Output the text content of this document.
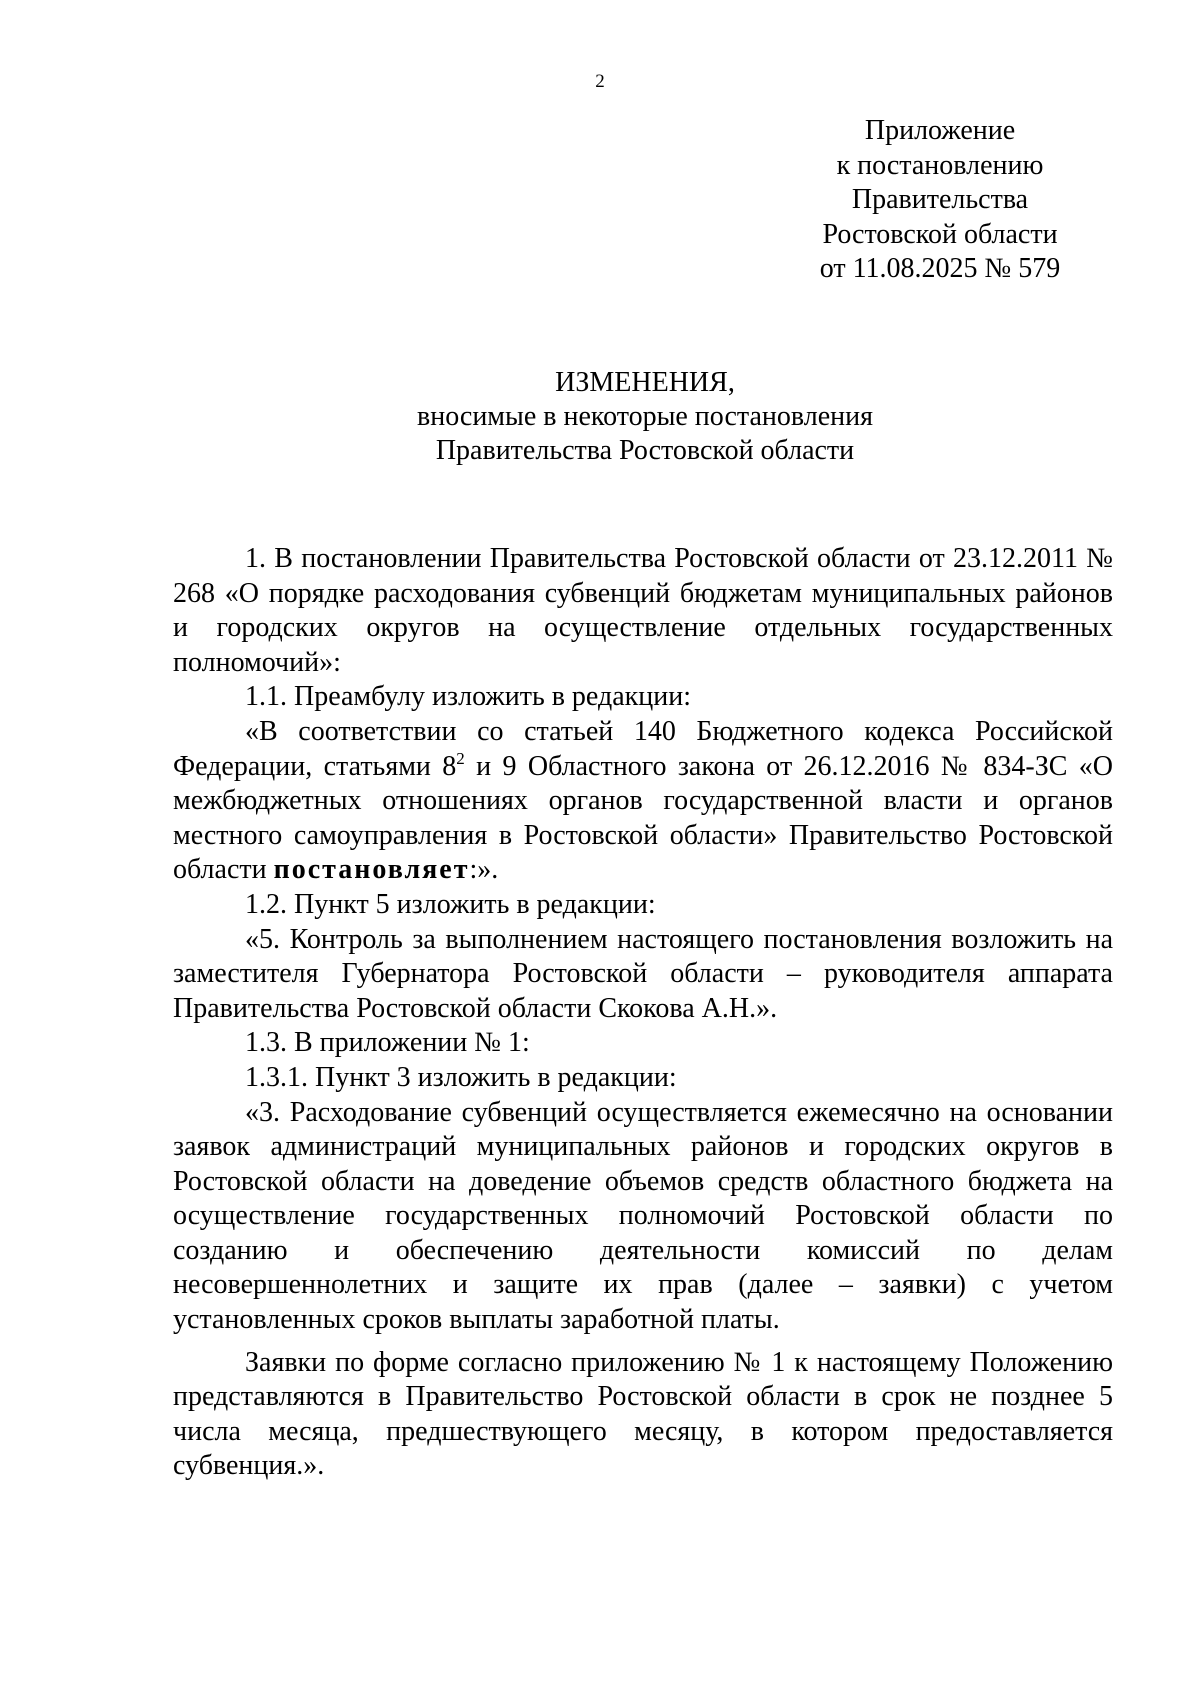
2
Приложение
к постановлению
Правительства
Ростовской области
от 11.08.2025 № 579
ИЗМЕНЕНИЯ,
вносимые в некоторые постановления
Правительства Ростовской области

1. В постановлении Правительства Ростовской области от 23.12.2011 № 268 «О порядке расходования субвенций бюджетам муниципальных районов и городских округов на осуществление отдельных государственных полномочий»:

1.1. Преамбулу изложить в редакции:

«В соответствии со статьей 140 Бюджетного кодекса Российской Федерации, статьями $8^2$ и 9 Областного закона от 26.12.2016 № 834-ЗС «О межбюджетных отношениях органов государственной власти и органов местного самоуправления в Ростовской области» Правительство Ростовской области постановляет:».

1.2. Пункт 5 изложить в редакции:

«5. Контроль за выполнением настоящего постановления возложить на заместителя Губернатора Ростовской области – руководителя аппарата Правительства Ростовской области Скокова А.Н.».

1.3. В приложении № 1:

1.3.1. Пункт 3 изложить в редакции:

«3. Расходование субвенций осуществляется ежемесячно на основании заявок администраций муниципальных районов и городских округов в Ростовской области на доведение объемов средств областного бюджета на осуществление государственных полномочий Ростовской области по созданию и обеспечению деятельности комиссий по делам несовершеннолетних и защите их прав (далее – заявки) с учетом установленных сроков выплаты заработной платы.

Заявки по форме согласно приложению № 1 к настоящему Положению представляются в Правительство Ростовской области в срок не позднее 5 числа месяца, предшествующего месяцу, в котором предоставляется субвенция.».
